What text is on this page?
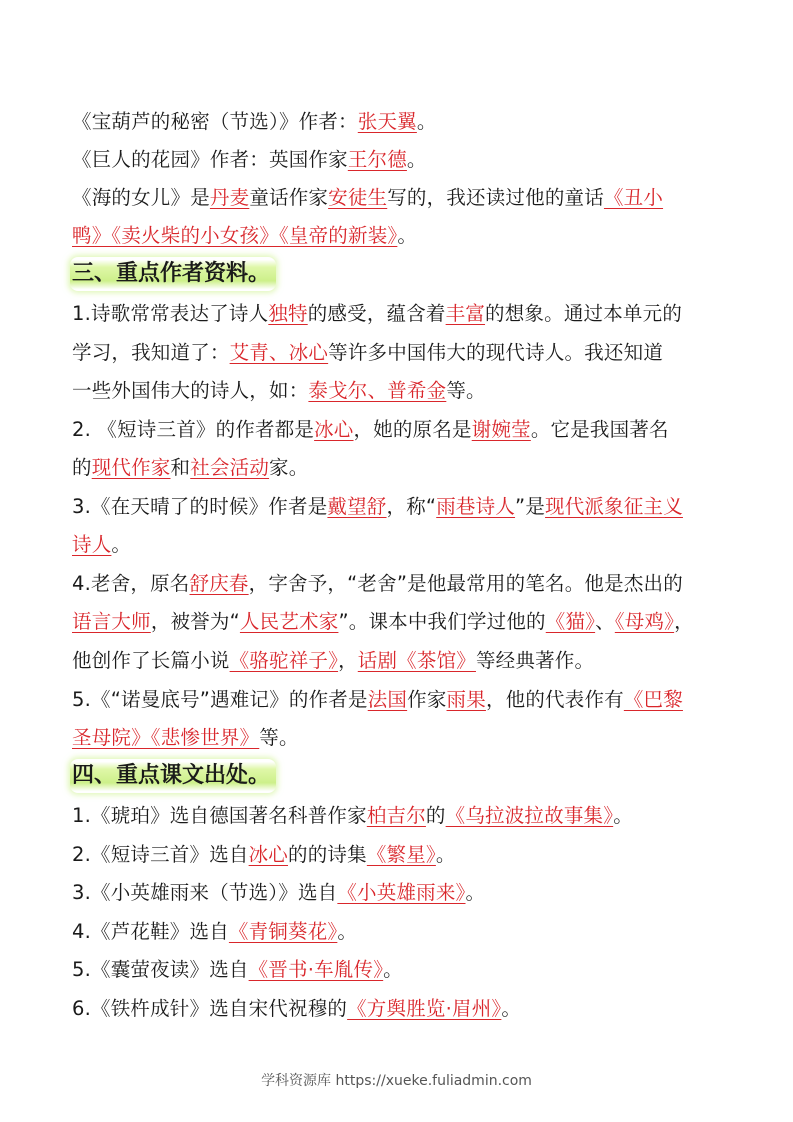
《宝葫芦的秘密（节选）》作者：张天翼。
《巨人的花园》作者：英国作家王尔德。
《海的女儿》是丹麦童话作家安徒生写的，我还读过他的童话《丑小
鸭》《卖火柴的小女孩》《皇帝的新装》。
三、重点作者资料。
1.诗歌常常表达了诗人独特的感受，蕴含着丰富的想象。通过本单元的
学习，我知道了：艾青、冰心等许多中国伟大的现代诗人。我还知道
一些外国伟大的诗人，如：泰戈尔、普希金等。
2. 《短诗三首》的作者都是冰心，她的原名是谢婉莹。它是我国著名
的现代作家和社会活动家。
3.《在天晴了的时候》作者是戴望舒，称“雨巷诗人”是现代派象征主义
诗人。
4.老舍，原名舒庆春，字舍予，“老舍”是他最常用的笔名。他是杰出的
语言大师，被誉为“人民艺术家”。课本中我们学过他的《猫》、《母鸡》，
他创作了长篇小说《骆驼祥子》，话剧《茶馆》等经典著作。
5.《“诺曼底号”遇难记》的作者是法国作家雨果，他的代表作有《巴黎
圣母院》《悲惨世界》等。
四、重点课文出处。
1.《琥珀》选自德国著名科普作家柏吉尔的《乌拉波拉故事集》。
2.《短诗三首》选自冰心的的诗集《繁星》。
3.《小英雄雨来（节选）》选自《小英雄雨来》。
4.《芦花鞋》选自《青铜葵花》。
5.《囊萤夜读》选自《晋书·车胤传》。
6.《铁杵成针》选自宋代祝穆的《方舆胜览·眉州》。
学科资源库 https://xueke.fuliadmin.com
